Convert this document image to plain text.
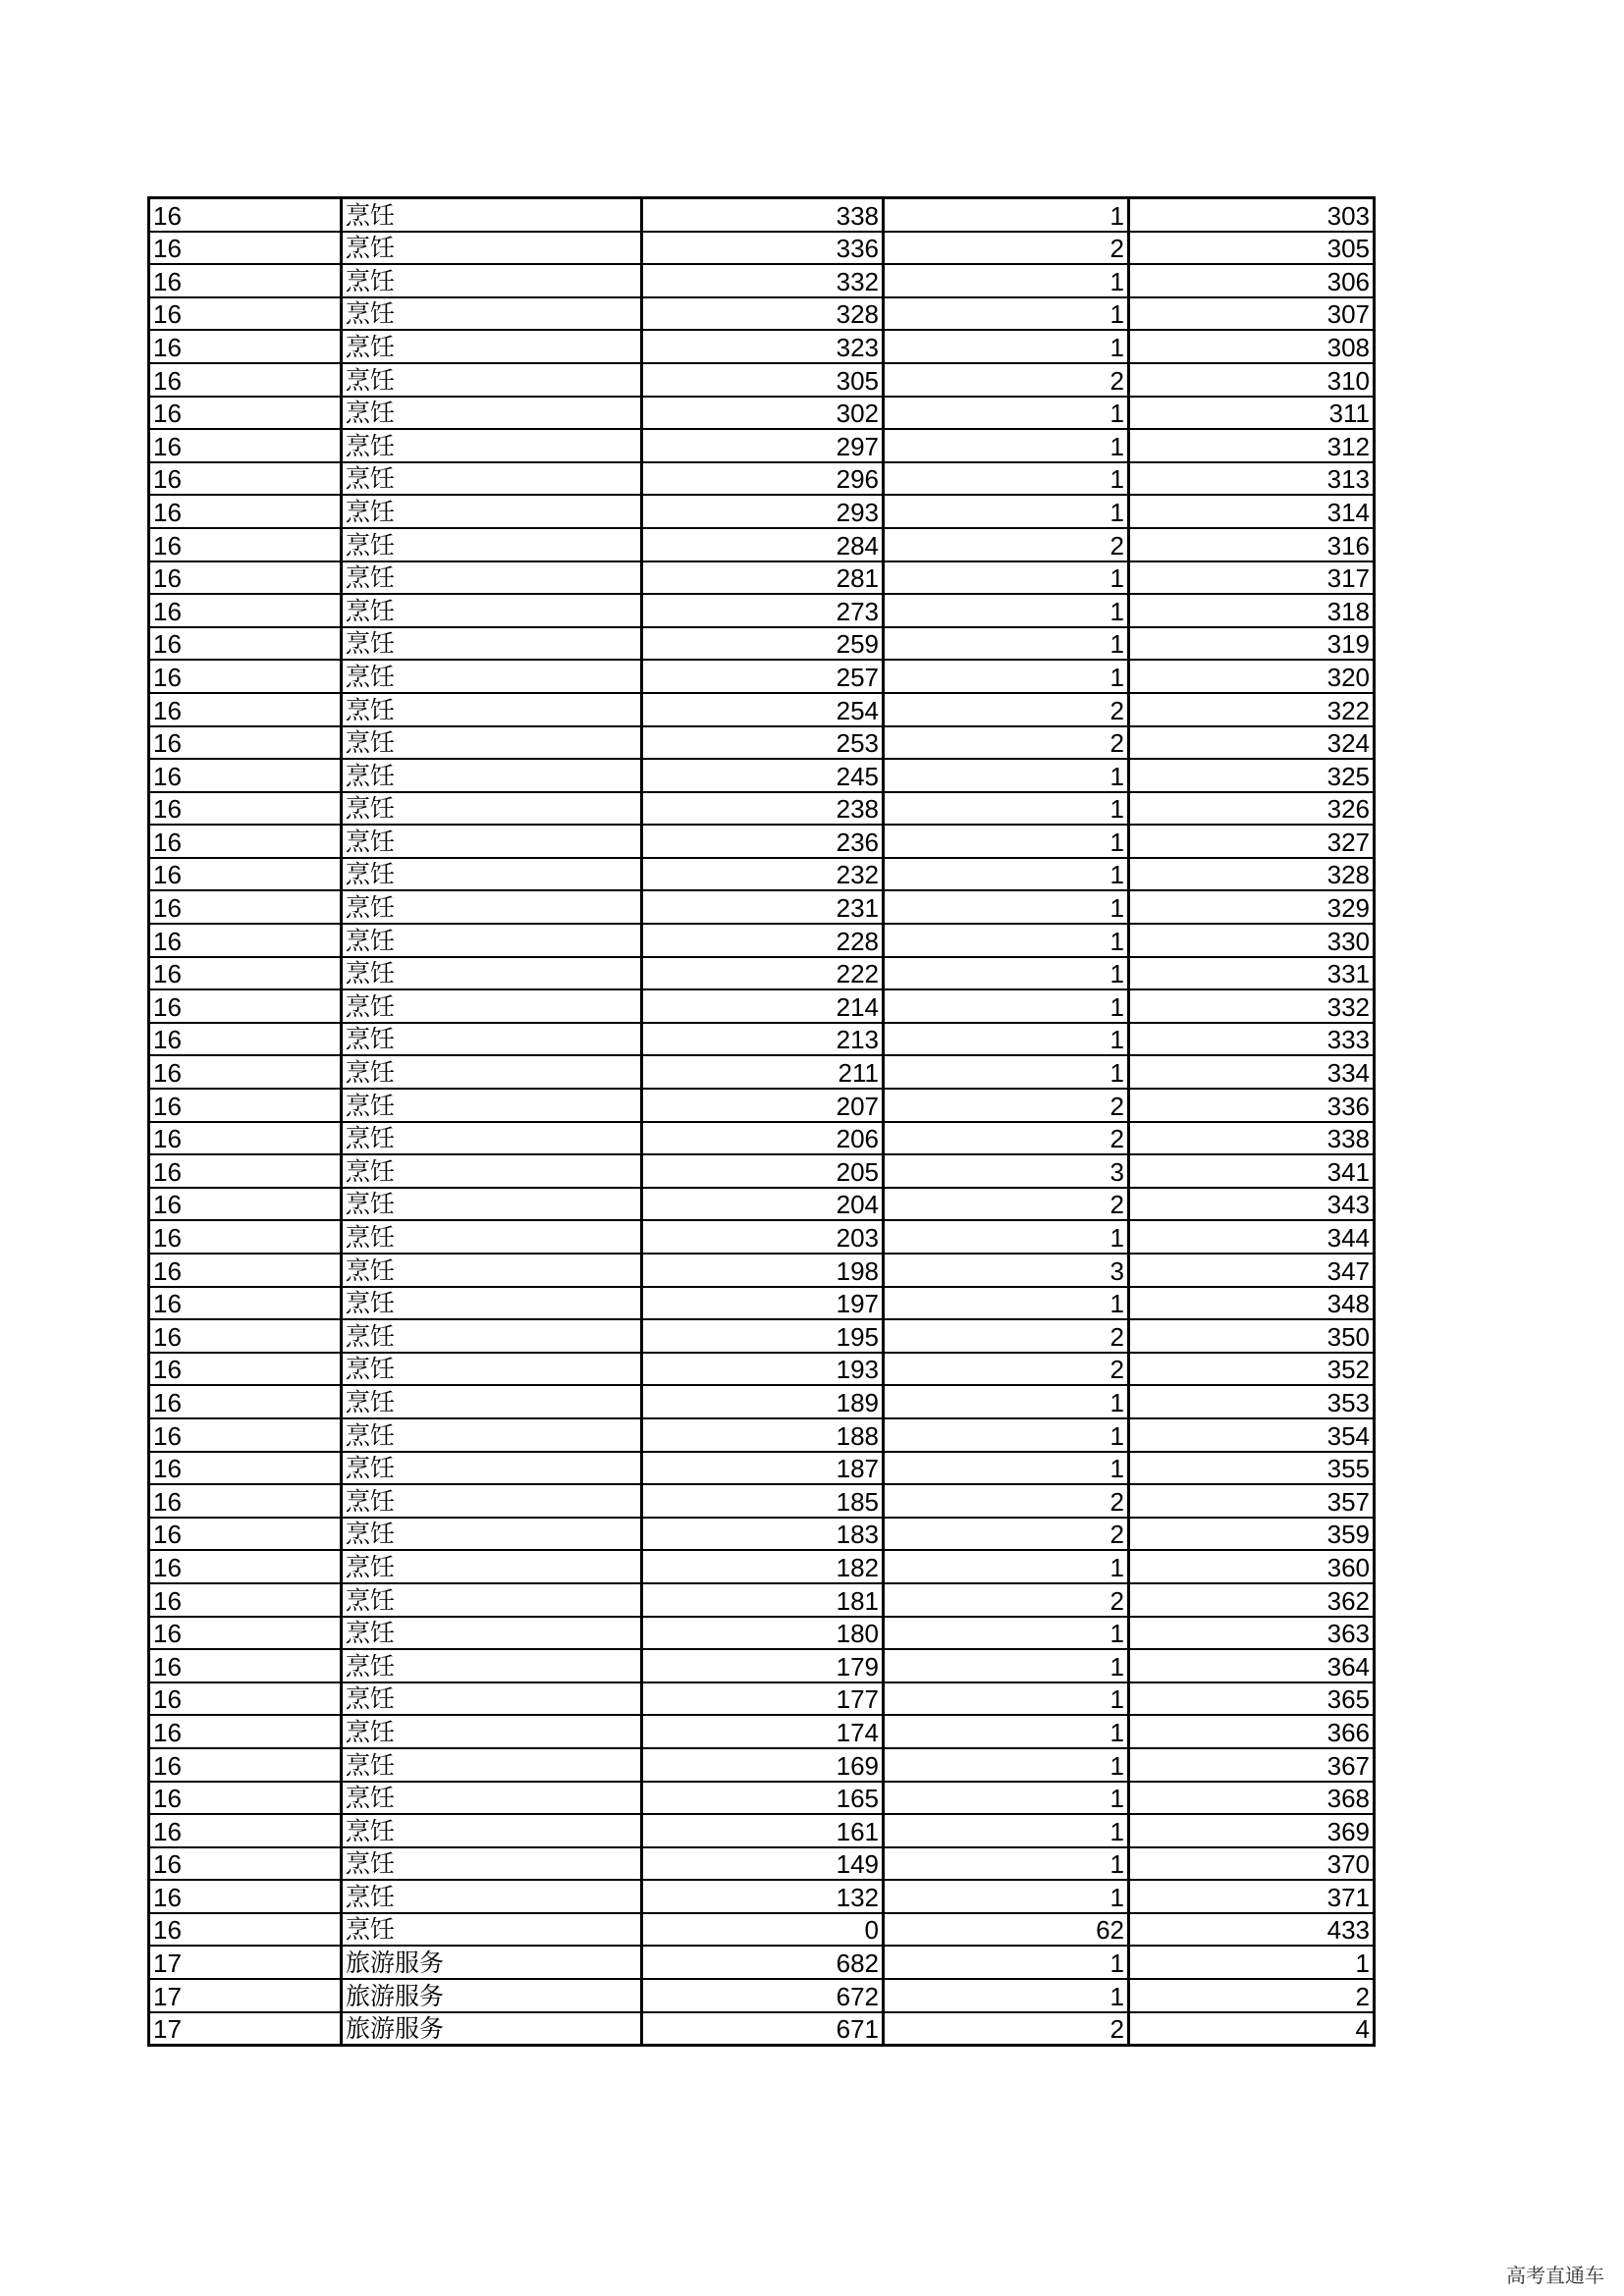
16	烹饪	338	1	303
16	烹饪	336	2	305
16	烹饪	332	1	306
16	烹饪	328	1	307
16	烹饪	323	1	308
16	烹饪	305	2	310
16	烹饪	302	1	311
16	烹饪	297	1	312
16	烹饪	296	1	313
16	烹饪	293	1	314
16	烹饪	284	2	316
16	烹饪	281	1	317
16	烹饪	273	1	318
16	烹饪	259	1	319
16	烹饪	257	1	320
16	烹饪	254	2	322
16	烹饪	253	2	324
16	烹饪	245	1	325
16	烹饪	238	1	326
16	烹饪	236	1	327
16	烹饪	232	1	328
16	烹饪	231	1	329
16	烹饪	228	1	330
16	烹饪	222	1	331
16	烹饪	214	1	332
16	烹饪	213	1	333
16	烹饪	211	1	334
16	烹饪	207	2	336
16	烹饪	206	2	338
16	烹饪	205	3	341
16	烹饪	204	2	343
16	烹饪	203	1	344
16	烹饪	198	3	347
16	烹饪	197	1	348
16	烹饪	195	2	350
16	烹饪	193	2	352
16	烹饪	189	1	353
16	烹饪	188	1	354
16	烹饪	187	1	355
16	烹饪	185	2	357
16	烹饪	183	2	359
16	烹饪	182	1	360
16	烹饪	181	2	362
16	烹饪	180	1	363
16	烹饪	179	1	364
16	烹饪	177	1	365
16	烹饪	174	1	366
16	烹饪	169	1	367
16	烹饪	165	1	368
16	烹饪	161	1	369
16	烹饪	149	1	370
16	烹饪	132	1	371
16	烹饪	0	62	433
17	旅游服务	682	1	1
17	旅游服务	672	1	2
17	旅游服务	671	2	4
高考直通车
